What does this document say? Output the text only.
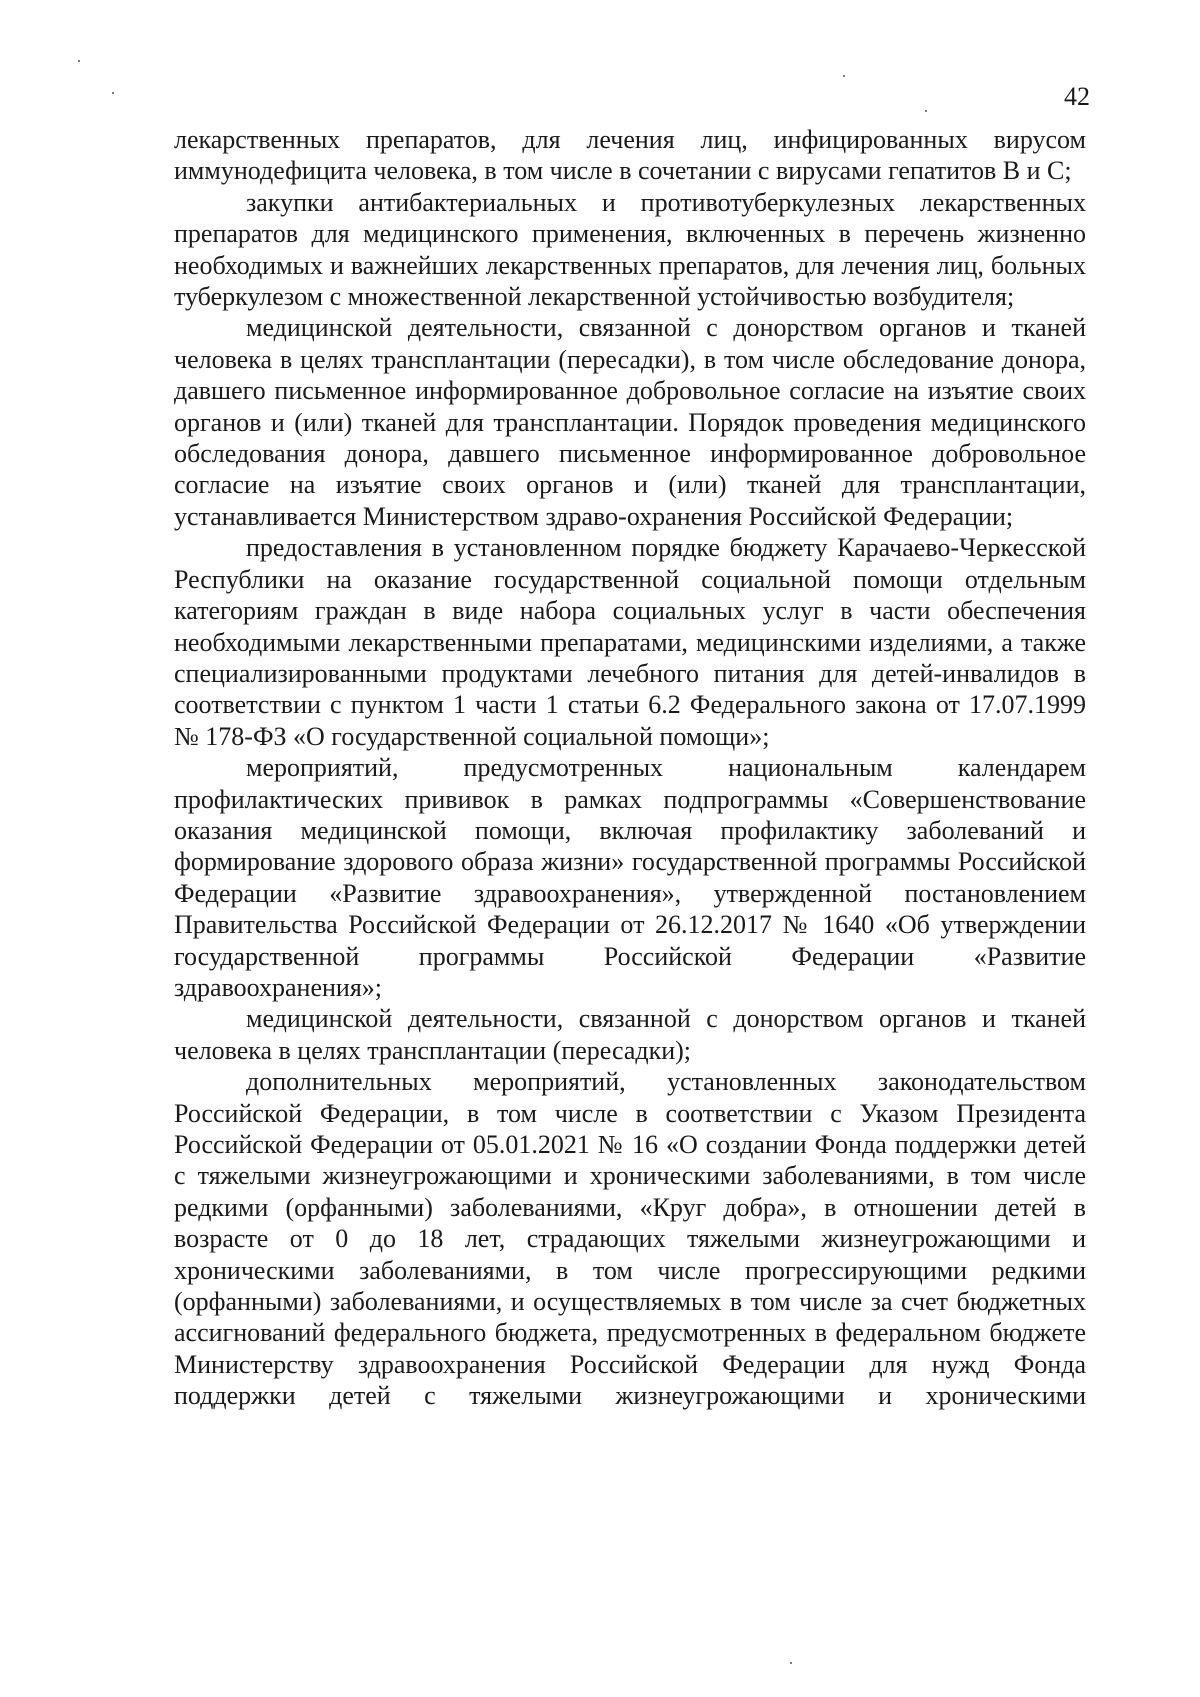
42

лекарственных препаратов, для лечения лиц, инфицированных вирусом иммунодефицита человека, в том числе в сочетании с вирусами гепатитов В и С;

закупки антибактериальных и противотуберкулезных лекарственных препаратов для медицинского применения, включенных в перечень жизненно необходимых и важнейших лекарственных препаратов, для лечения лиц, больных туберкулезом с множественной лекарственной устойчивостью возбудителя;

медицинской деятельности, связанной с донорством органов и тканей человека в целях трансплантации (пересадки), в том числе обследование донора, давшего письменное информированное добровольное согласие на изъятие своих органов и (или) тканей для трансплантации. Порядок проведения медицинского обследования донора, давшего письменное информированное добровольное согласие на изъятие своих органов и (или) тканей для трансплантации, устанавливается Министерством здраво-охранения Российской Федерации;

предоставления в установленном порядке бюджету Карачаево-Черкесской Республики на оказание государственной социальной помощи отдельным категориям граждан в виде набора социальных услуг в части обеспечения необходимыми лекарственными препаратами, медицинскими изделиями, а также специализированными продуктами лечебного питания для детей-инвалидов в соответствии с пунктом 1 части 1 статьи 6.2 Федерального закона от 17.07.1999 № 178-ФЗ «О государственной социальной помощи»;

мероприятий, предусмотренных национальным календарем профилактических прививок в рамках подпрограммы «Совершенствование оказания медицинской помощи, включая профилактику заболеваний и формирование здорового образа жизни» государственной программы Российской Федерации «Развитие здравоохранения», утвержденной постановлением Правительства Российской Федерации от 26.12.2017 № 1640 «Об утверждении государственной программы Российской Федерации «Развитие здравоохранения»;

медицинской деятельности, связанной с донорством органов и тканей человека в целях трансплантации (пересадки);

дополнительных мероприятий, установленных законодательством Российской Федерации, в том числе в соответствии с Указом Президента Российской Федерации от 05.01.2021 № 16 «О создании Фонда поддержки детей с тяжелыми жизнеугрожающими и хроническими заболеваниями, в том числе редкими (орфанными) заболеваниями, «Круг добра», в отношении детей в возрасте от 0 до 18 лет, страдающих тяжелыми жизнеугрожающими и хроническими заболеваниями, в том числе прогрессирующими редкими (орфанными) заболеваниями, и осуществляемых в том числе за счет бюджетных ассигнований федерального бюджета, предусмотренных в федеральном бюджете Министерству здравоохранения Российской Федерации для нужд Фонда поддержки детей с тяжелыми жизнеугрожающими и хроническими
